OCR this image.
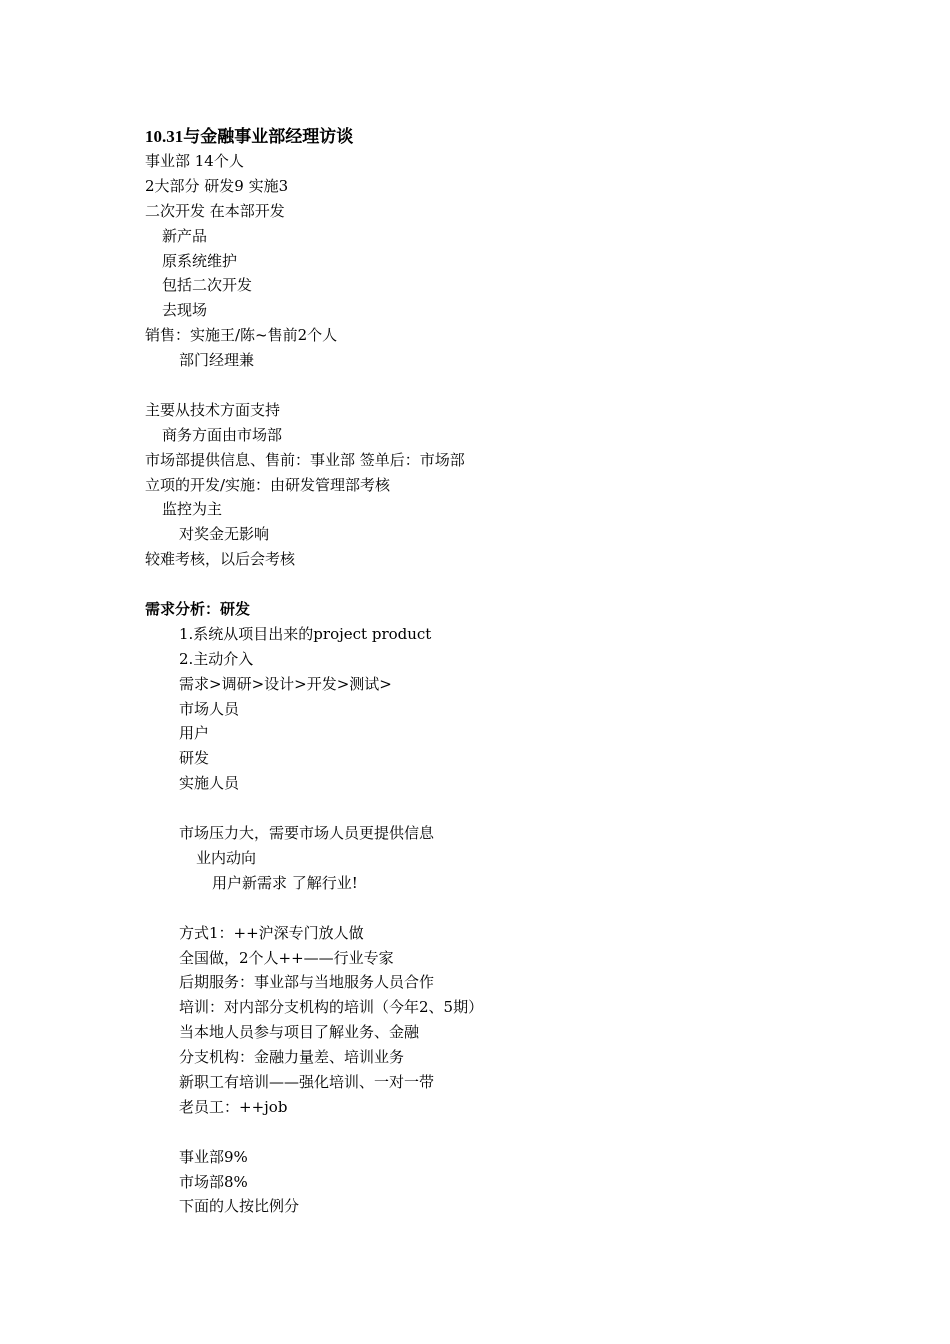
10.31与金融事业部经理访谈
事业部 14个人
2大部分 研发9 实施3
二次开发 在本部开发
新产品
原系统维护
包括二次开发
去现场
销售：实施王/陈~售前2个人
部门经理兼
主要从技术方面支持
商务方面由市场部
市场部提供信息、售前：事业部 签单后：市场部
立项的开发/实施：由研发管理部考核
监控为主
对奖金无影响
较难考核，以后会考核
需求分析：研发
1.系统从项目出来的project product
2.主动介入
需求>调研>设计>开发>测试>
市场人员
用户
研发
实施人员
市场压力大，需要市场人员更提供信息
业内动向
用户新需求 了解行业!
方式1：++沪深专门放人做
全国做，2个人++——行业专家
后期服务：事业部与当地服务人员合作
培训：对内部分支机构的培训（今年2、5期）
当本地人员参与项目了解业务、金融
分支机构：金融力量差、培训业务
新职工有培训——强化培训、一对一带
老员工：++job
事业部9%
市场部8%
下面的人按比例分
